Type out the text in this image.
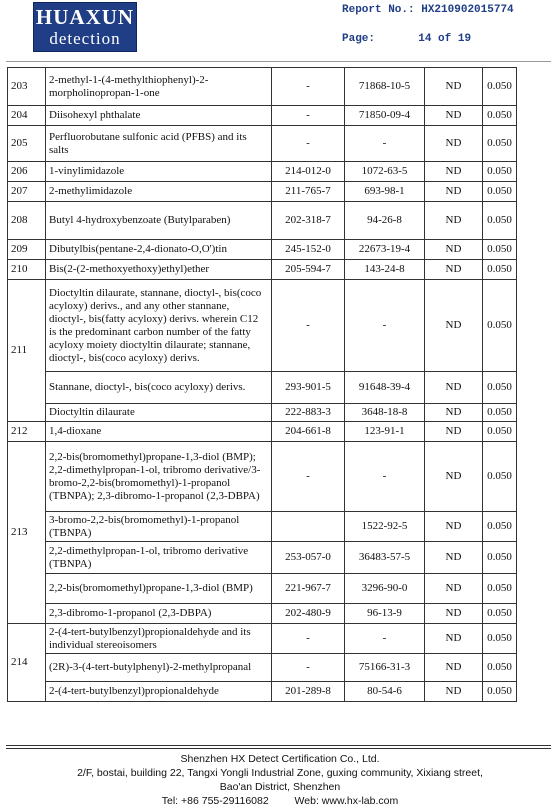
HUAXUN
detection
Report No.: HX210902015774
Page:	14 of 19
203	2-methyl-1-(4-methylthiophenyl)-2-morpholinopropan-1-one	-	71868-10-5	ND	0.050
204	Diisohexyl phthalate	-	71850-09-4	ND	0.050
205	Perfluorobutane sulfonic acid (PFBS) and its salts	-	-	ND	0.050
206	1-vinylimidazole	214-012-0	1072-63-5	ND	0.050
207	2-methylimidazole	211-765-7	693-98-1	ND	0.050
208	Butyl 4-hydroxybenzoate (Butylparaben)	202-318-7	94-26-8	ND	0.050
209	Dibutylbis(pentane-2,4-dionato-O,O')tin	245-152-0	22673-19-4	ND	0.050
210	Bis(2-(2-methoxyethoxy)ethyl)ether	205-594-7	143-24-8	ND	0.050
211	Dioctyltin dilaurate, stannane, dioctyl-, bis(coco acyloxy) derivs., and any other stannane, dioctyl-, bis(fatty acyloxy) derivs. wherein C12 is the predominant carbon number of the fatty acyloxy moiety dioctyltin dilaurate; stannane, dioctyl-, bis(coco acyloxy) derivs.	-	-	ND	0.050
	Stannane, dioctyl-, bis(coco acyloxy) derivs.	293-901-5	91648-39-4	ND	0.050
	Dioctyltin dilaurate	222-883-3	3648-18-8	ND	0.050
212	1,4-dioxane	204-661-8	123-91-1	ND	0.050
213	2,2-bis(bromomethyl)propane-1,3-diol (BMP); 2,2-dimethylpropan-1-ol, tribromo derivative/3-bromo-2,2-bis(bromomethyl)-1-propanol (TBNPA); 2,3-dibromo-1-propanol (2,3-DBPA)	-	-	ND	0.050
	3-bromo-2,2-bis(bromomethyl)-1-propanol (TBNPA)		1522-92-5	ND	0.050
	2,2-dimethylpropan-1-ol, tribromo derivative (TBNPA)	253-057-0	36483-57-5	ND	0.050
	2,2-bis(bromomethyl)propane-1,3-diol (BMP)	221-967-7	3296-90-0	ND	0.050
	2,3-dibromo-1-propanol (2,3-DBPA)	202-480-9	96-13-9	ND	0.050
214	2-(4-tert-butylbenzyl)propionaldehyde and its individual stereoisomers	-	-	ND	0.050
	(2R)-3-(4-tert-butylphenyl)-2-methylpropanal	-	75166-31-3	ND	0.050
	2-(4-tert-butylbenzyl)propionaldehyde	201-289-8	80-54-6	ND	0.050
Shenzhen HX Detect Certification Co., Ltd.
2/F, bostai, building 22, Tangxi Yongli Industrial Zone, guxing community, Xixiang street,
Bao'an District, Shenzhen
Tel: +86 755-29116082 Web: www.hx-lab.com
